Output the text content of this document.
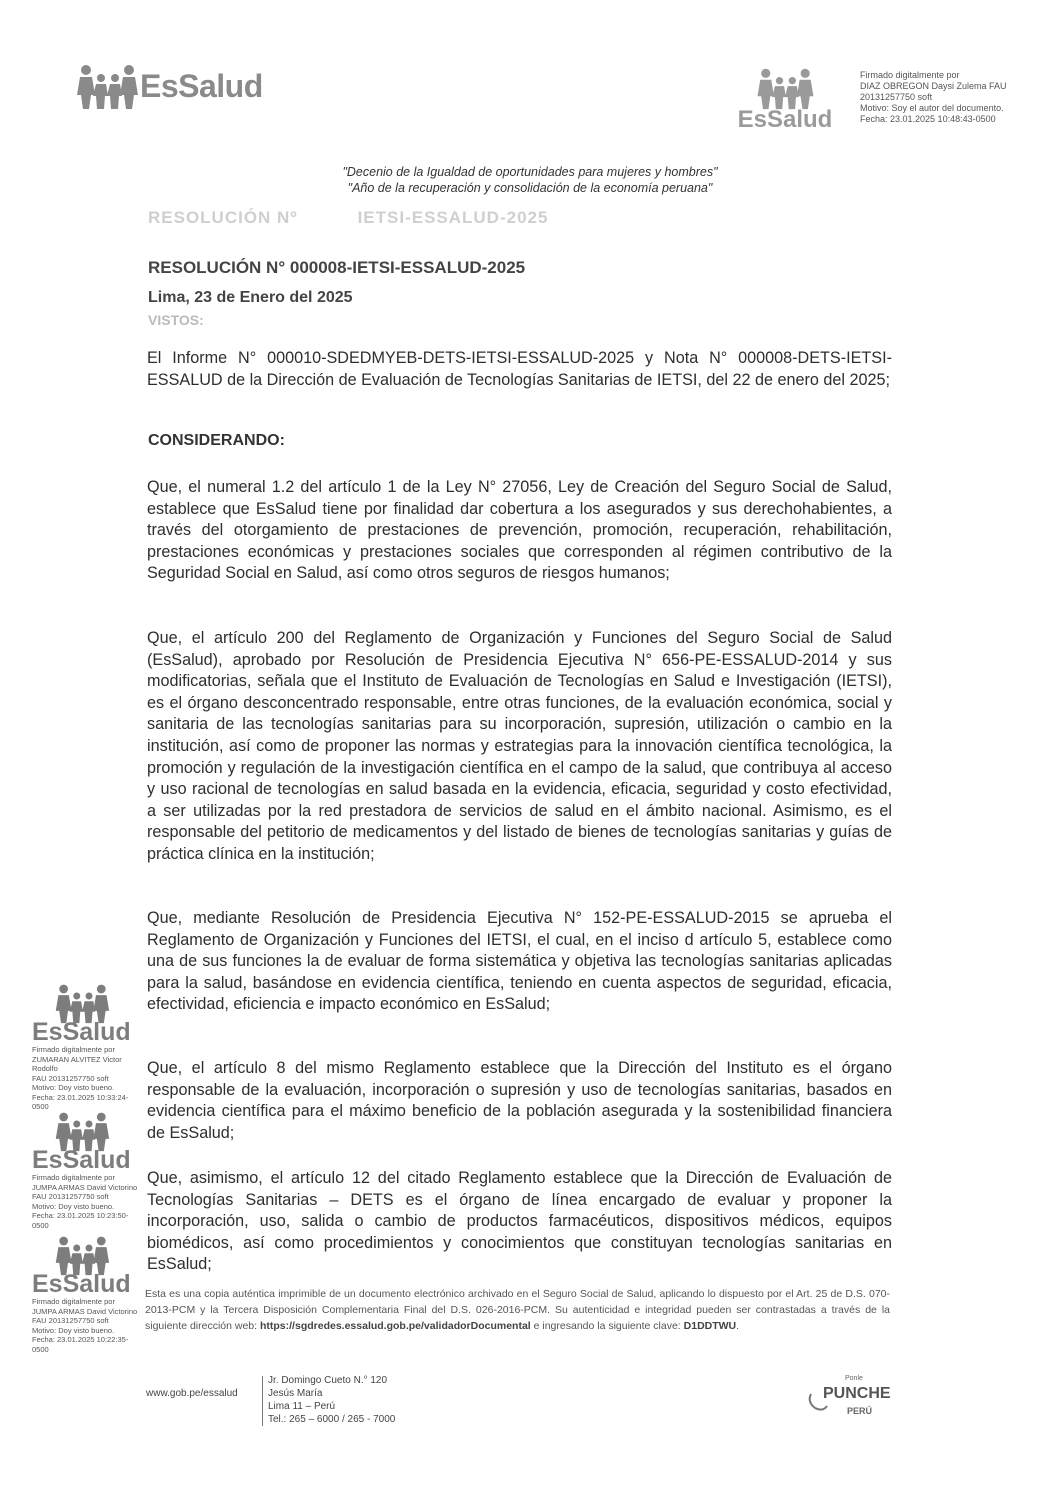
EsSalud
EsSalud
Firmado digitalmente por
DIAZ OBREGON Daysi Zulema FAU
20131257750 soft
Motivo: Soy el autor del documento.
Fecha: 23.01.2025 10:48:43-0500
"Decenio de la Igualdad de oportunidades para mujeres y hombres"
"Año de la recuperación y consolidación de la economía peruana"
RESOLUCIÓN Nº	IETSI-ESSALUD-2025
RESOLUCIÓN N° 000008-IETSI-ESSALUD-2025
Lima, 23 de Enero del 2025
VISTOS:
El Informe N° 000010-SDEDMYEB-DETS-IETSI-ESSALUD-2025 y Nota N° 000008-DETS-IETSI-ESSALUD de la Dirección de Evaluación de Tecnologías Sanitarias de IETSI, del 22 de enero del 2025;
CONSIDERANDO:
Que, el numeral 1.2 del artículo 1 de la Ley N° 27056, Ley de Creación del Seguro Social de Salud, establece que EsSalud tiene por finalidad dar cobertura a los asegurados y sus derechohabientes, a través del otorgamiento de prestaciones de prevención, promoción, recuperación, rehabilitación, prestaciones económicas y prestaciones sociales que corresponden al régimen contributivo de la Seguridad Social en Salud, así como otros seguros de riesgos humanos;
Que, el artículo 200 del Reglamento de Organización y Funciones del Seguro Social de Salud (EsSalud), aprobado por Resolución de Presidencia Ejecutiva N° 656-PE-ESSALUD-2014 y sus modificatorias, señala que el Instituto de Evaluación de Tecnologías en Salud e Investigación (IETSI), es el órgano desconcentrado responsable, entre otras funciones, de la evaluación económica, social y sanitaria de las tecnologías sanitarias para su incorporación, supresión, utilización o cambio en la institución, así como de proponer las normas y estrategias para la innovación científica tecnológica, la promoción y regulación de la investigación científica en el campo de la salud, que contribuya al acceso y uso racional de tecnologías en salud basada en la evidencia, eficacia, seguridad y costo efectividad, a ser utilizadas por la red prestadora de servicios de salud en el ámbito nacional. Asimismo, es el responsable del petitorio de medicamentos y del listado de bienes de tecnologías sanitarias y guías de práctica clínica en la institución;
Que, mediante Resolución de Presidencia Ejecutiva N° 152-PE-ESSALUD-2015 se aprueba el Reglamento de Organización y Funciones del IETSI, el cual, en el inciso d artículo 5, establece como una de sus funciones la de evaluar de forma sistemática y objetiva las tecnologías sanitarias aplicadas para la salud, basándose en evidencia científica, teniendo en cuenta aspectos de seguridad, eficacia, efectividad, eficiencia e impacto económico en EsSalud;
Que, el artículo 8 del mismo Reglamento establece que la Dirección del Instituto es el órgano responsable de la evaluación, incorporación o supresión y uso de tecnologías sanitarias, basados en evidencia científica para el máximo beneficio de la población asegurada y la sostenibilidad financiera de EsSalud;
Que, asimismo, el artículo 12 del citado Reglamento establece que la Dirección de Evaluación de Tecnologías Sanitarias – DETS es el órgano de línea encargado de evaluar y proponer la incorporación, uso, salida o cambio de productos farmacéuticos, dispositivos médicos, equipos biomédicos, así como procedimientos y conocimientos que constituyan tecnologías sanitarias en EsSalud;
EsSalud
Firmado digitalmente por
ZUMARAN ALVITEZ Victor Rodolfo
FAU 20131257750 soft
Motivo: Doy visto bueno.
Fecha: 23.01.2025 10:33:24-0500
EsSalud
Firmado digitalmente por
JUMPA ARMAS David Victorino
FAU 20131257750 soft
Motivo: Doy visto bueno.
Fecha: 23.01.2025 10:23:50-0500
EsSalud
Firmado digitalmente por
JUMPA ARMAS David Victorino
FAU 20131257750 soft
Motivo: Doy visto bueno.
Fecha: 23.01.2025 10:22:35-0500
Esta es una copia auténtica imprimible de un documento electrónico archivado en el Seguro Social de Salud, aplicando lo dispuesto por el Art. 25 de D.S. 070-2013-PCM y la Tercera Disposición Complementaria Final del D.S. 026-2016-PCM. Su autenticidad e integridad pueden ser contrastadas a través de la siguiente dirección web: https://sgdredes.essalud.gob.pe/validadorDocumental e ingresando la siguiente clave: D1DDTWU.
www.gob.pe/essalud
Jr. Domingo Cueto N.° 120
Jesús María
Lima 11 – Perú
Tel.: 265 – 6000 / 265 - 7000
Ponle
PUNCHE
PERÚ
